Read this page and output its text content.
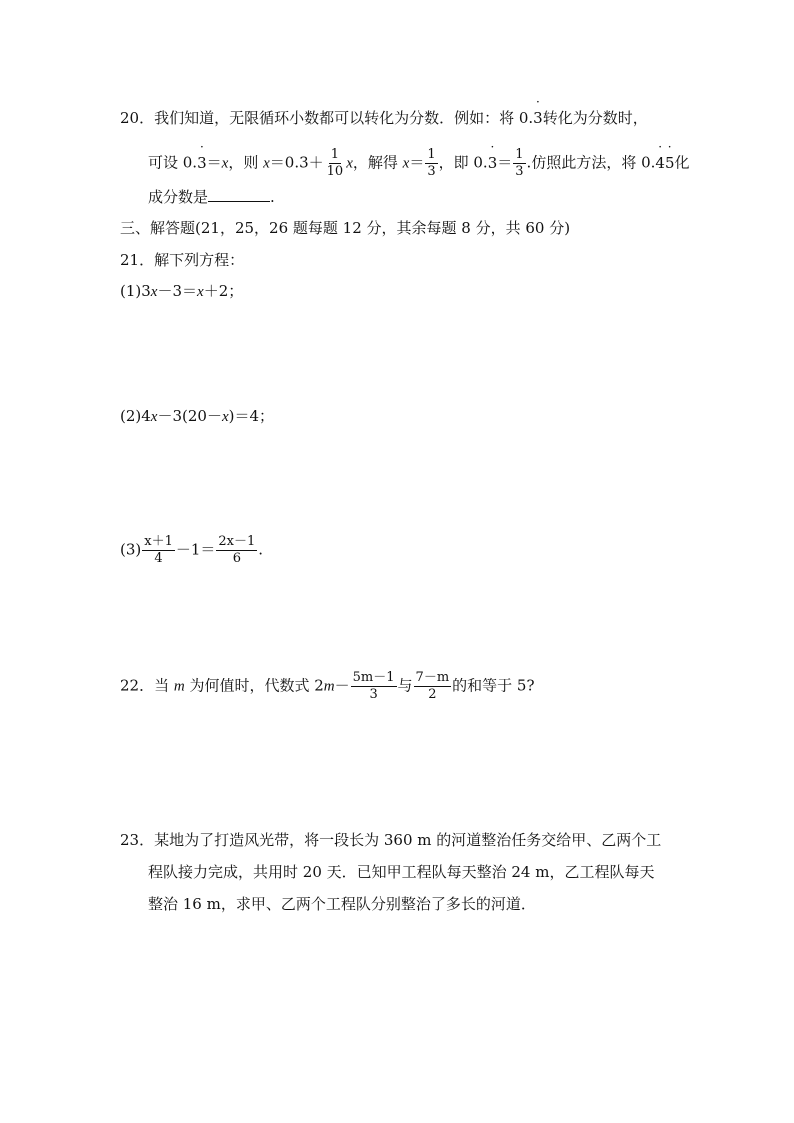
20．我们知道，无限循环小数都可以转化为分数．例如：将 0.· 3转化为分数时，
可设 0.· 3＝x，则 $x=0.3+ \frac{1}{10}$ x，解得 $x= \frac{1}{3}$ ，即 $0.\cdot 3= \frac{1}{3}$ .仿照此方法，将 0.· 4· 5化
成分数是	.
三、解答题(21，25，26 题每题 12 分，其余每题 8 分，共 60 分)
21．解下列方程：
(1)3x－3＝x＋2；
(2)4x－3(20－x)＝4；
$(3) \frac{x+1}{4} -1= \frac{2x-1}{6}$ .
22．当 m 为何值时，代数式 $2m- \frac{5m-1}{3}$ 与 $\frac{7-m}{2}$ 的和等于 5?
23．某地为了打造风光带，将一段长为 360 m 的河道整治任务交给甲、乙两个工
程队接力完成，共用时 20 天．已知甲工程队每天整治 24 m，乙工程队每天
整治 16 m，求甲、乙两个工程队分别整治了多长的河道．
